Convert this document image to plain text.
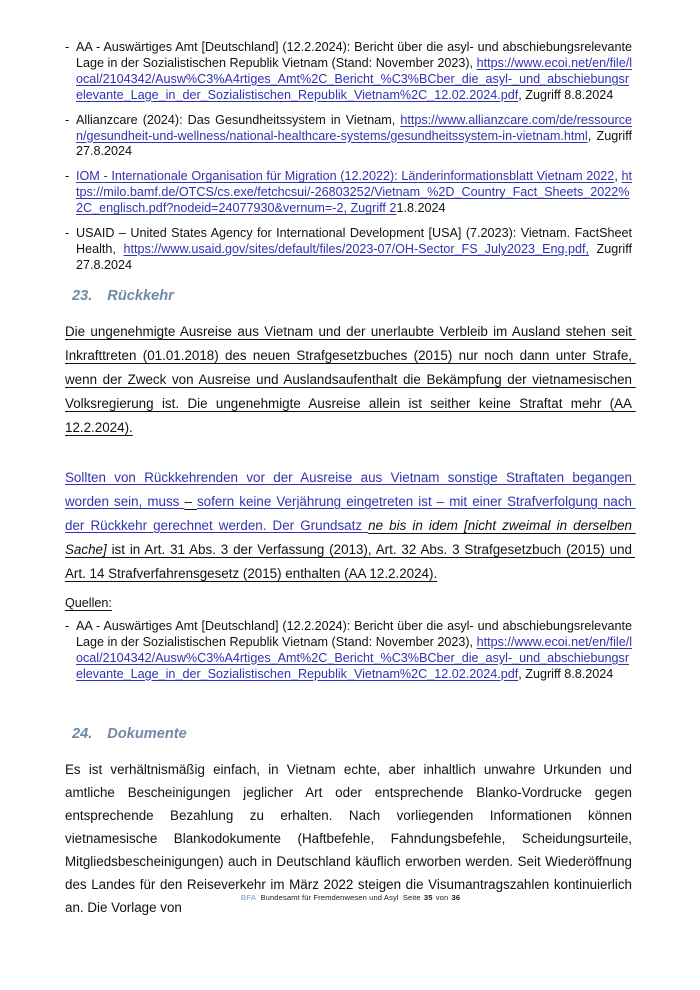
- AA - Auswärtiges Amt [Deutschland] (12.2.2024): Bericht über die asyl- und abschiebungsrelevante Lage in der Sozialistischen Republik Vietnam (Stand: November 2023), https://www.ecoi.net/en/file/local/2104342/Ausw%C3%A4rtiges_Amt%2C_Bericht_%C3%BCber_die_asyl-_und_abschiebungsrelevante_Lage_in_der_Sozialistischen_Republik_Vietnam%2C_12.02.2024.pdf, Zugriff 8.8.2024
- Allianzcare (2024): Das Gesundheitssystem in Vietnam, https://www.allianzcare.com/de/ressourcen/gesundheit-und-wellness/national-healthcare-systems/gesundheitssystem-in-vietnam.html, Zugriff 27.8.2024
- IOM - Internationale Organisation für Migration (12.2022): Länderinformationsblatt Vietnam 2022, https://milo.bamf.de/OTCS/cs.exe/fetchcsui/-26803252/Vietnam_%2D_Country_Fact_Sheets_2022%2C_englisch.pdf?nodeid=24077930&vernum=-2, Zugriff 21.8.2024
- USAID – United States Agency for International Development [USA] (7.2023): Vietnam. FactSheet Health, https://www.usaid.gov/sites/default/files/2023-07/OH-Sector_FS_July2023_Eng.pdf, Zugriff 27.8.2024
23. Rückkehr

Die ungenehmigte Ausreise aus Vietnam und der unerlaubte Verbleib im Ausland stehen seit Inkrafttreten (01.01.2018) des neuen Strafgesetzbuches (2015) nur noch dann unter Strafe, wenn der Zweck von Ausreise und Auslandsaufenthalt die Bekämpfung der vietnamesischen Volksregierung ist. Die ungenehmigte Ausreise allein ist seither keine Straftat mehr (AA 12.2.2024).

Sollten von Rückkehrenden vor der Ausreise aus Vietnam sonstige Straftaten begangen worden sein, muss – sofern keine Verjährung eingetreten ist – mit einer Strafverfolgung nach der Rückkehr gerechnet werden. Der Grundsatz ne bis in idem [nicht zweimal in derselben Sache] ist in Art. 31 Abs. 3 der Verfassung (2013), Art. 32 Abs. 3 Strafgesetzbuch (2015) und Art. 14 Strafverfahrensgesetz (2015) enthalten (AA 12.2.2024).

Quellen:
- AA - Auswärtiges Amt [Deutschland] (12.2.2024): Bericht über die asyl- und abschiebungsrelevante Lage in der Sozialistischen Republik Vietnam (Stand: November 2023), https://www.ecoi.net/en/file/local/2104342/Ausw%C3%A4rtiges_Amt%2C_Bericht_%C3%BCber_die_asyl-_und_abschiebungsrelevante_Lage_in_der_Sozialistischen_Republik_Vietnam%2C_12.02.2024.pdf, Zugriff 8.8.2024
24. Dokumente

Es ist verhältnismäßig einfach, in Vietnam echte, aber inhaltlich unwahre Urkunden und amtliche Bescheinigungen jeglicher Art oder entsprechende Blanko-Vordrucke gegen entsprechende Bezahlung zu erhalten. Nach vorliegenden Informationen können vietnamesische Blankodokumente (Haftbefehle, Fahndungsbefehle, Scheidungsurteile, Mitgliedsbescheinigungen) auch in Deutschland käuflich erworben werden. Seit Wiederöffnung des Landes für den Reiseverkehr im März 2022 steigen die Visumantragszahlen kontinuierlich an. Die Vorlage von

BFA Bundesamt für Fremdenwesen und Asyl Seite 35 von 36
